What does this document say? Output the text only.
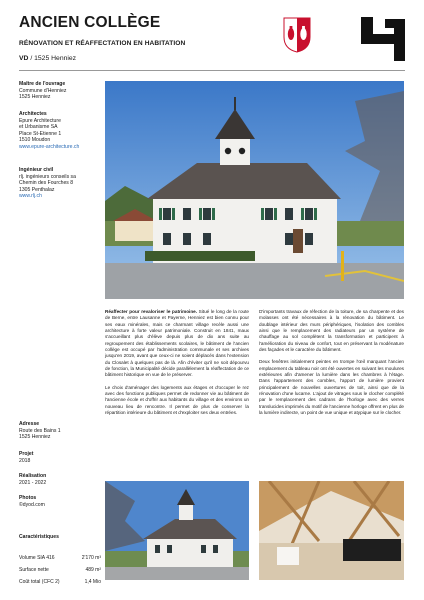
ANCIEN COLLÈGE
RÉNOVATION ET RÉAFFECTATION EN HABITATION
VD / 1525 Henniez
Maître de l'ouvrage
Commune d'Henniez
1525 Henniez
Architectes
Epure Architecture
et Urbanisme SA
Place St-Etienne 1
1510 Moudon
www.epure-architecture.ch
Ingénieur civil
rlj. ingénieurs conseils sa
Chemin des Fourches 8
1305 Penthalaz
www.rlj.ch
Adresse
Route des Bains 1
1525 Henniez
Projet
2018
Réalisation
2021 - 2022
Photos
©dyod.com
Caractéristiques
Volume SIA 416	2'170 m³
Surface nette	489 m²
Coût total (CFC 2)	1,4 Mio

Réaffecter pour revaloriser le patrimoine. Situé le long de la route de Berne, entre Lausanne et Payerne, Henniez est bien connu pour ses eaux minérales, mais ce charmant village recèle aussi une architecture à forte valeur patrimoniale. Construit en 1841, maux s'accueillant plus d'élève depuis plus de dix ans suite au regroupement des établissements scolaires, le bâtiment de l'ancien collège est occupé par l'administration communale et ses archives jusqu'en 2019, avant que ceux-ci ne soient déplacés dans l'extension du Closalet à quelques pas de là. Afin d'éviter qu'il ne soit dépourvu de fonction, la Municipalité décide parallèlement la réaffectation de ce bâtiment historique en vue de le préserver.

Le choix d'aménager des logements aux étages et d'occuper le rez avec des fonctions publiques permet de redonner vie au bâtiment de l'ancienne école et d'offrir aux habitants du village et des environs un nouveau lieu de rencontre. Il permet de plus de conserver la répartition intérieure du bâtiment et d'exploiter ses deux entrées.

D'importants travaux de réfection de la toiture, de sa charpente et des molasses ont été nécessaires à la rénovation du bâtiment. Le doublage intérieur des murs périphériques, l'isolation des combles ainsi que le remplacement des radiateurs par un système de chauffage au sol complètent la transformation et participent à l'amélioration du niveau de confort, tout en préservant la modénature des façades et le caractère du bâtiment.

Deux fenêtres initialement peintes en trompe l'œil marquant l'ancien emplacement du tableau noir ont été ouvertes en suivant les moulures extérieures afin d'amener la lumière dans les chambres à l'étage. Dans l'appartement des combles, l'apport de lumière provient principalement de nouvelles ouvertures de toit, ainsi que de la rénovation d'une lucarne. L'ajout de vitrages sous le clocher complété par le remplacement des cadrans de l'horloge avec des verres translucides imprimés du motif de l'ancienne horloge offrent en plus de la lumière indirecte, un point de vue unique et atypique sur le clocher.
